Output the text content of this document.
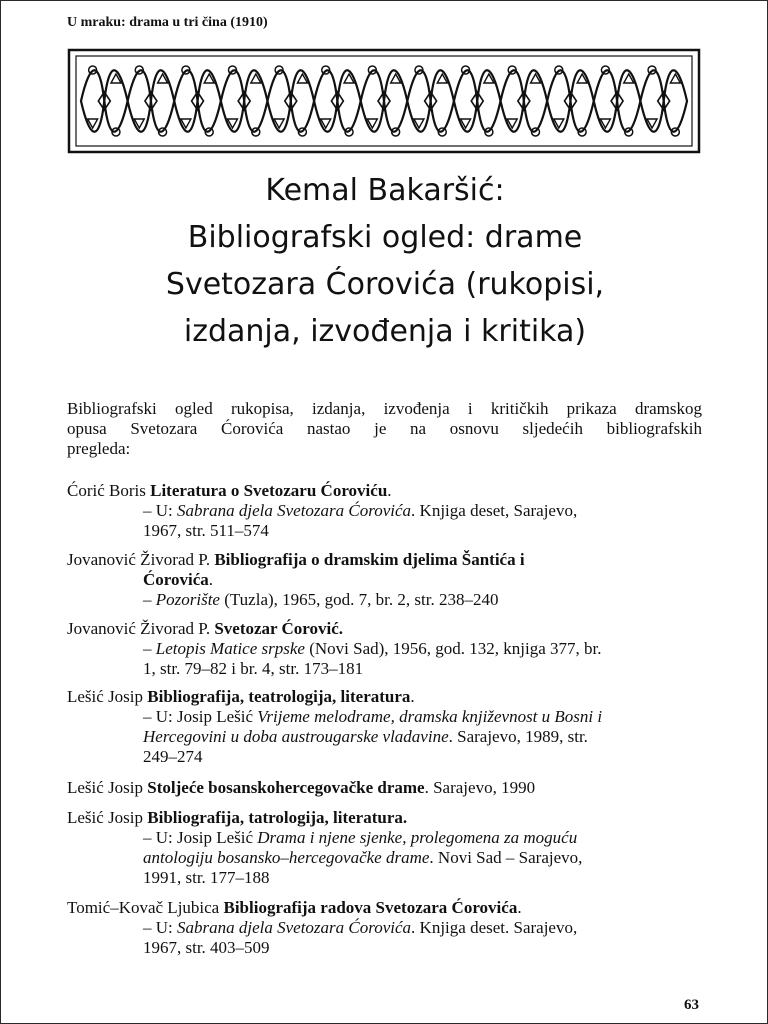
U mraku: drama u tri čina (1910)
Kemal Bakaršić:
Bibliografski ogled: drame
Svetozara Ćorovića (rukopisi,
izdanja, izvođenja i kritika)
Bibliografski ogled rukopisa, izdanja, izvođenja i kritičkih prikaza dramskog
opusa Svetozara Ćorovića nastao je na osnovu sljedećih bibliografskih
pregleda:
Ćorić Boris Literatura o Svetozaru Ćoroviću.
– U: Sabrana djela Svetozara Ćorovića. Knjiga deset, Sarajevo,
1967, str. 511–574
Jovanović Živorad P. Bibliografija o dramskim djelima Šantića i
Ćorovića.
– Pozorište (Tuzla), 1965, god. 7, br. 2, str. 238–240
Jovanović Živorad P. Svetozar Ćorović.
– Letopis Matice srpske (Novi Sad), 1956, god. 132, knjiga 377, br.
1, str. 79–82 i br. 4, str. 173–181
Lešić Josip Bibliografija, teatrologija, literatura.
– U: Josip Lešić Vrijeme melodrame, dramska književnost u Bosni i
Hercegovini u doba austrougarske vladavine. Sarajevo, 1989, str.
249–274
Lešić Josip Stoljeće bosanskohercegovačke drame. Sarajevo, 1990
Lešić Josip Bibliografija, tatrologija, literatura.
– U: Josip Lešić Drama i njene sjenke, prolegomena za moguću
antologiju bosansko–hercegovačke drame. Novi Sad – Sarajevo,
1991, str. 177–188
Tomić–Kovač Ljubica Bibliografija radova Svetozara Ćorovića.
– U: Sabrana djela Svetozara Ćorovića. Knjiga deset. Sarajevo,
1967, str. 403–509
63
